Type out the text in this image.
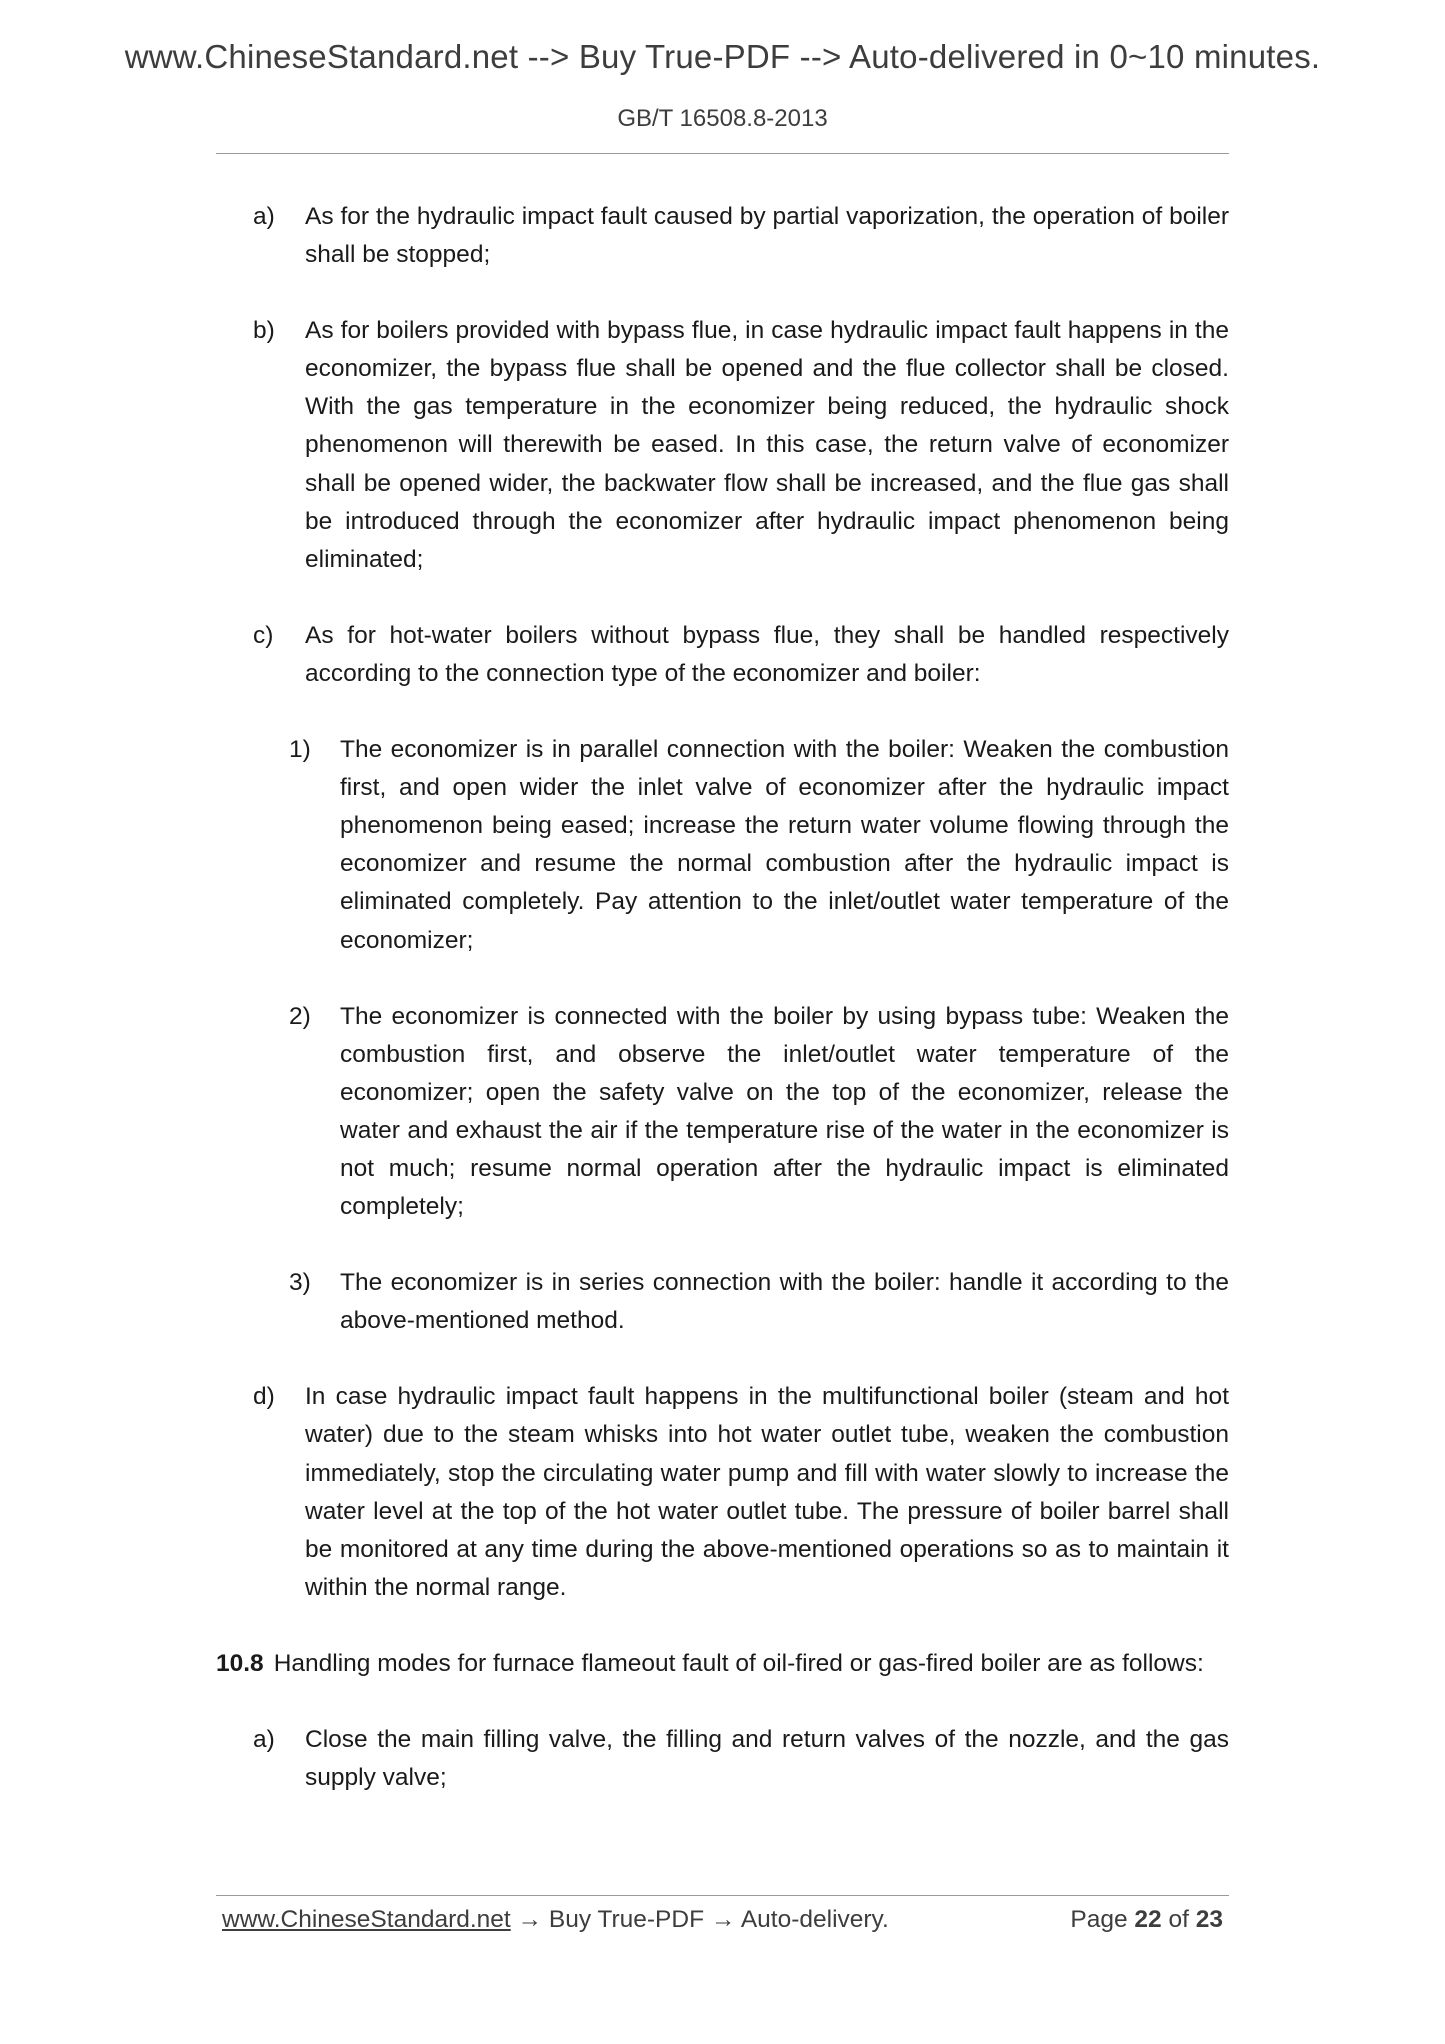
www.ChineseStandard.net --> Buy True-PDF --> Auto-delivered in 0~10 minutes.
GB/T 16508.8-2013
a) As for the hydraulic impact fault caused by partial vaporization, the operation of boiler shall be stopped;
b) As for boilers provided with bypass flue, in case hydraulic impact fault happens in the economizer, the bypass flue shall be opened and the flue collector shall be closed. With the gas temperature in the economizer being reduced, the hydraulic shock phenomenon will therewith be eased. In this case, the return valve of economizer shall be opened wider, the backwater flow shall be increased, and the flue gas shall be introduced through the economizer after hydraulic impact phenomenon being eliminated;
c) As for hot-water boilers without bypass flue, they shall be handled respectively according to the connection type of the economizer and boiler:
1) The economizer is in parallel connection with the boiler: Weaken the combustion first, and open wider the inlet valve of economizer after the hydraulic impact phenomenon being eased; increase the return water volume flowing through the economizer and resume the normal combustion after the hydraulic impact is eliminated completely. Pay attention to the inlet/outlet water temperature of the economizer;
2) The economizer is connected with the boiler by using bypass tube: Weaken the combustion first, and observe the inlet/outlet water temperature of the economizer; open the safety valve on the top of the economizer, release the water and exhaust the air if the temperature rise of the water in the economizer is not much; resume normal operation after the hydraulic impact is eliminated completely;
3) The economizer is in series connection with the boiler: handle it according to the above-mentioned method.
d) In case hydraulic impact fault happens in the multifunctional boiler (steam and hot water) due to the steam whisks into hot water outlet tube, weaken the combustion immediately, stop the circulating water pump and fill with water slowly to increase the water level at the top of the hot water outlet tube. The pressure of boiler barrel shall be monitored at any time during the above-mentioned operations so as to maintain it within the normal range.
10.8 Handling modes for furnace flameout fault of oil-fired or gas-fired boiler are as follows:
a) Close the main filling valve, the filling and return valves of the nozzle, and the gas supply valve;
www.ChineseStandard.net → Buy True-PDF → Auto-delivery.	Page 22 of 23
